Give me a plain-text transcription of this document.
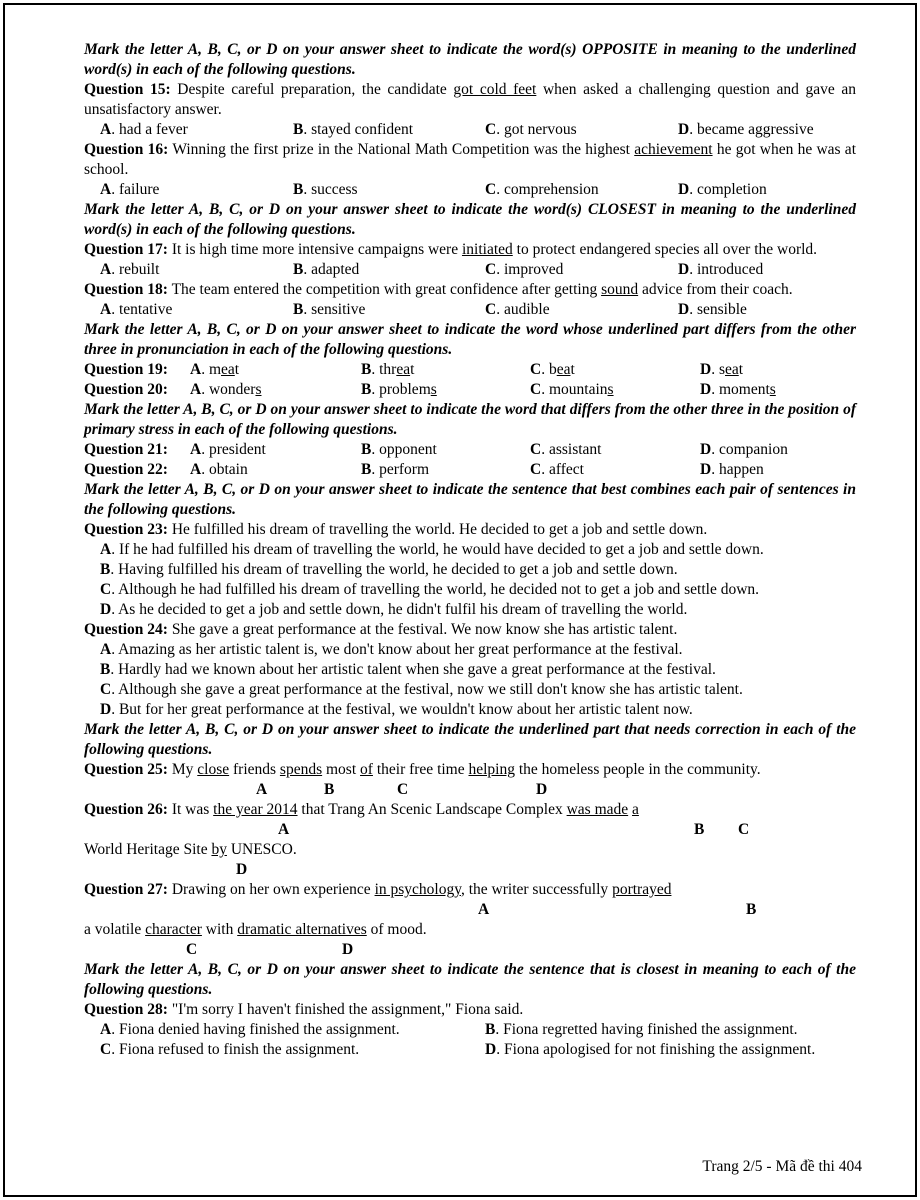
Mark the letter A, B, C, or D on your answer sheet to indicate the word(s) OPPOSITE in meaning to the underlined word(s) in each of the following questions.
Question 15: Despite careful preparation, the candidate got cold feet when asked a challenging question and gave an unsatisfactory answer.
A. had a fever	B. stayed confident	C. got nervous	D. became aggressive
Question 16: Winning the first prize in the National Math Competition was the highest achievement he got when he was at school.
A. failure	B. success	C. comprehension	D. completion
Mark the letter A, B, C, or D on your answer sheet to indicate the word(s) CLOSEST in meaning to the underlined word(s) in each of the following questions.
Question 17: It is high time more intensive campaigns were initiated to protect endangered species all over the world.
A. rebuilt	B. adapted	C. improved	D. introduced
Question 18: The team entered the competition with great confidence after getting sound advice from their coach.
A. tentative	B. sensitive	C. audible	D. sensible
Mark the letter A, B, C, or D on your answer sheet to indicate the word whose underlined part differs from the other three in pronunciation in each of the following questions.
Question 19: A. meat	B. threat	C. beat	D. seat
Question 20: A. wonders	B. problems	C. mountains	D. moments
Mark the letter A, B, C, or D on your answer sheet to indicate the word that differs from the other three in the position of primary stress in each of the following questions.
Question 21: A. president	B. opponent	C. assistant	D. companion
Question 22: A. obtain	B. perform	C. affect	D. happen
Mark the letter A, B, C, or D on your answer sheet to indicate the sentence that best combines each pair of sentences in the following questions.
Question 23: He fulfilled his dream of travelling the world. He decided to get a job and settle down.
A. If he had fulfilled his dream of travelling the world, he would have decided to get a job and settle down.
B. Having fulfilled his dream of travelling the world, he decided to get a job and settle down.
C. Although he had fulfilled his dream of travelling the world, he decided not to get a job and settle down.
D. As he decided to get a job and settle down, he didn't fulfil his dream of travelling the world.
Question 24: She gave a great performance at the festival. We now know she has artistic talent.
A. Amazing as her artistic talent is, we don't know about her great performance at the festival.
B. Hardly had we known about her artistic talent when she gave a great performance at the festival.
C. Although she gave a great performance at the festival, now we still don't know she has artistic talent.
D. But for her great performance at the festival, we wouldn't know about her artistic talent now.
Mark the letter A, B, C, or D on your answer sheet to indicate the underlined part that needs correction in each of the following questions.
Question 25: My close friends spends most of their free time helping the homeless people in the community.
A	B	C	D
Question 26: It was the year 2014 that Trang An Scenic Landscape Complex was made a
A	B C
World Heritage Site by UNESCO.
D
Question 27: Drawing on her own experience in psychology, the writer successfully portrayed
A	B
a volatile character with dramatic alternatives of mood.
C	D
Mark the letter A, B, C, or D on your answer sheet to indicate the sentence that is closest in meaning to each of the following questions.
Question 28: "I'm sorry I haven't finished the assignment," Fiona said.
A. Fiona denied having finished the assignment.	B. Fiona regretted having finished the assignment.
C. Fiona refused to finish the assignment.	D. Fiona apologised for not finishing the assignment.
Trang 2/5 - Mã đề thi 404
